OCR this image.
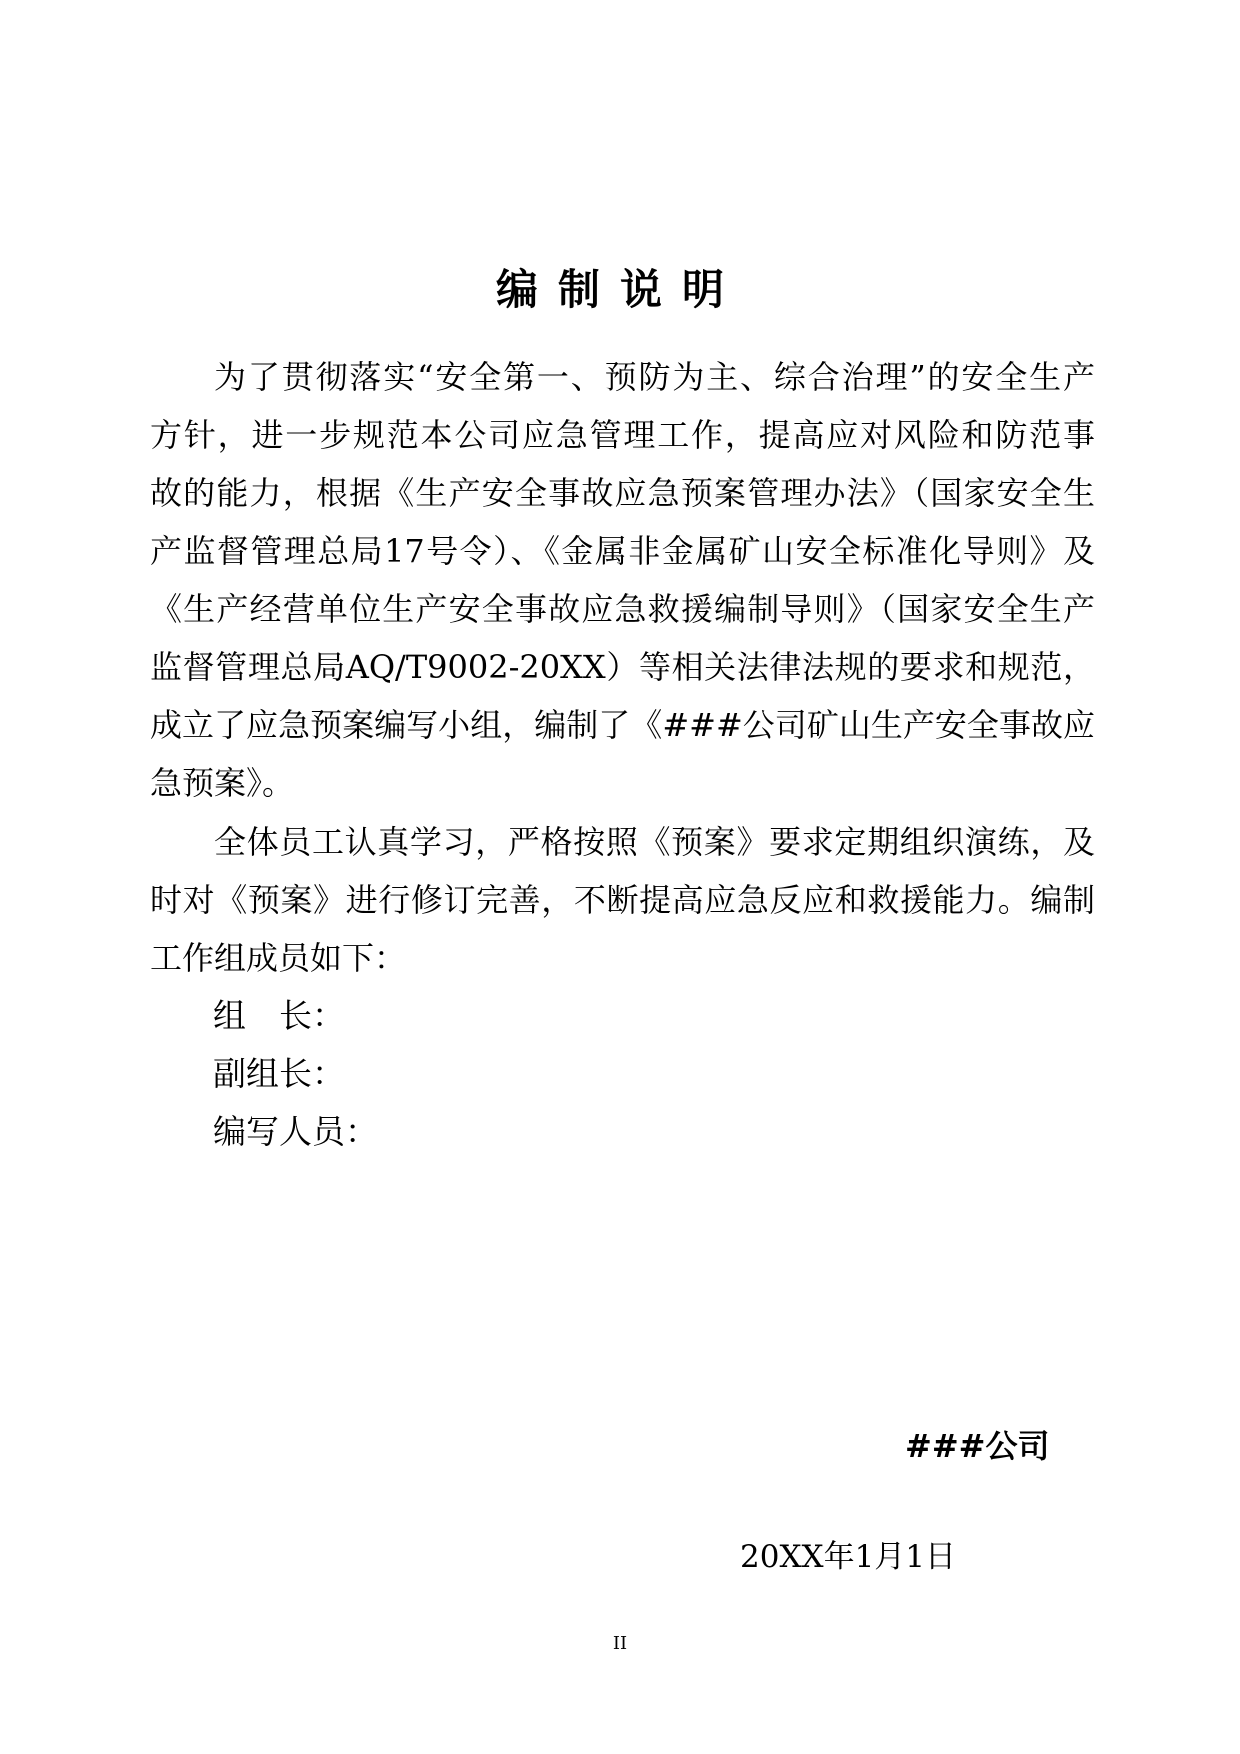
编制说明
为了贯彻落实“安全第一、预防为主、综合治理”的安全生产
方针，进一步规范本公司应急管理工作，提高应对风险和防范事
故的能力，根据《生产安全事故应急预案管理办法》（国家安全生
产监督管理总局17号令）、《金属非金属矿山安全标准化导则》及
《生产经营单位生产安全事故应急救援编制导则》（国家安全生产
监督管理总局AQ/T9002-20XX）等相关法律法规的要求和规范，
成立了应急预案编写小组，编制了《###公司矿山生产安全事故应
急预案》。
全体员工认真学习，严格按照《预案》要求定期组织演练，及
时对《预案》进行修订完善，不断提高应急反应和救援能力。编制
工作组成员如下：
组　长：
副组长：
编写人员：
###公司
20XX年1月1日
II
